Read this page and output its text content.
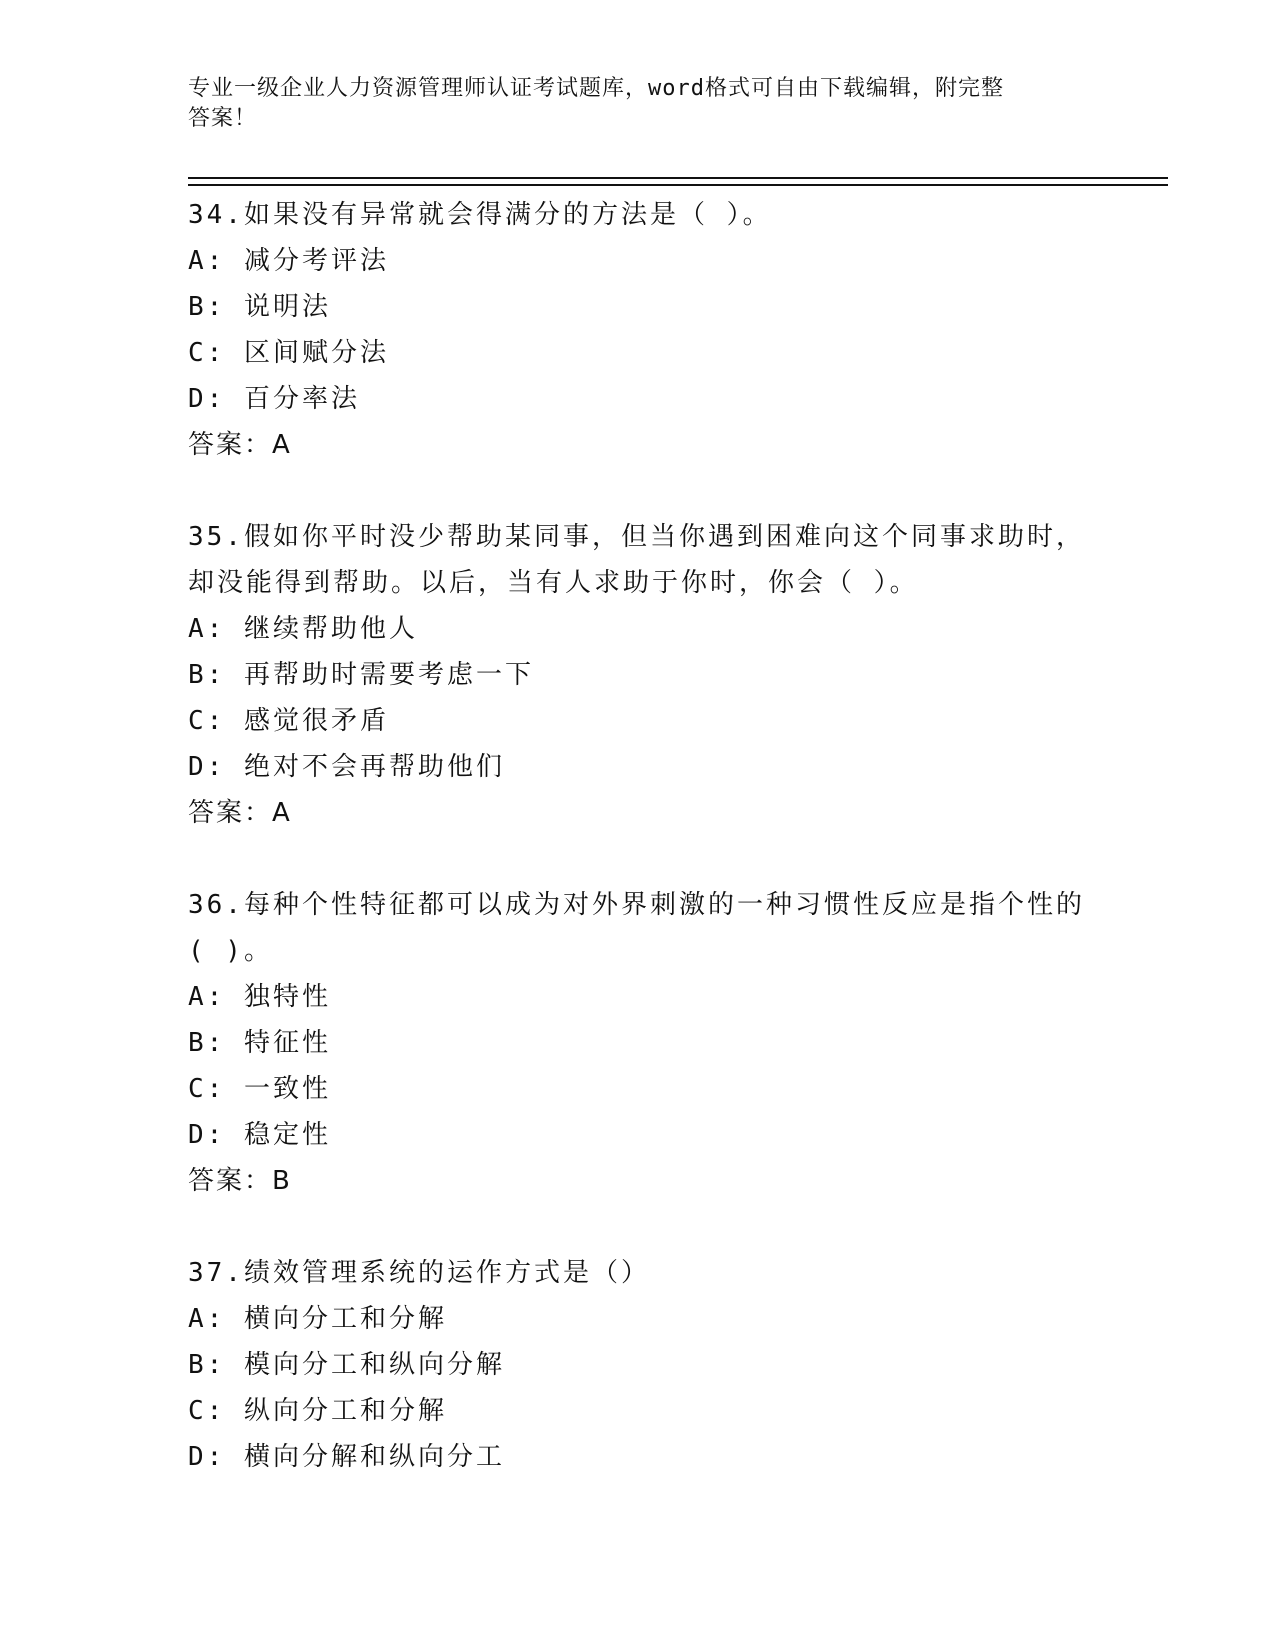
专业一级企业人力资源管理师认证考试题库，word格式可自由下载编辑，附完整
答案！
34.如果没有异常就会得满分的方法是（ ）。
A: 减分考评法
B: 说明法
C: 区间赋分法
D: 百分率法
答案：A
35.假如你平时没少帮助某同事，但当你遇到困难向这个同事求助时，
却没能得到帮助。以后，当有人求助于你时，你会（ ）。
A: 继续帮助他人
B: 再帮助时需要考虑一下
C: 感觉很矛盾
D: 绝对不会再帮助他们
答案：A
36.每种个性特征都可以成为对外界刺激的一种习惯性反应是指个性的
( )。
A: 独特性
B: 特征性
C: 一致性
D: 稳定性
答案：B
37.绩效管理系统的运作方式是（）
A: 横向分工和分解
B: 模向分工和纵向分解
C: 纵向分工和分解
D: 横向分解和纵向分工
